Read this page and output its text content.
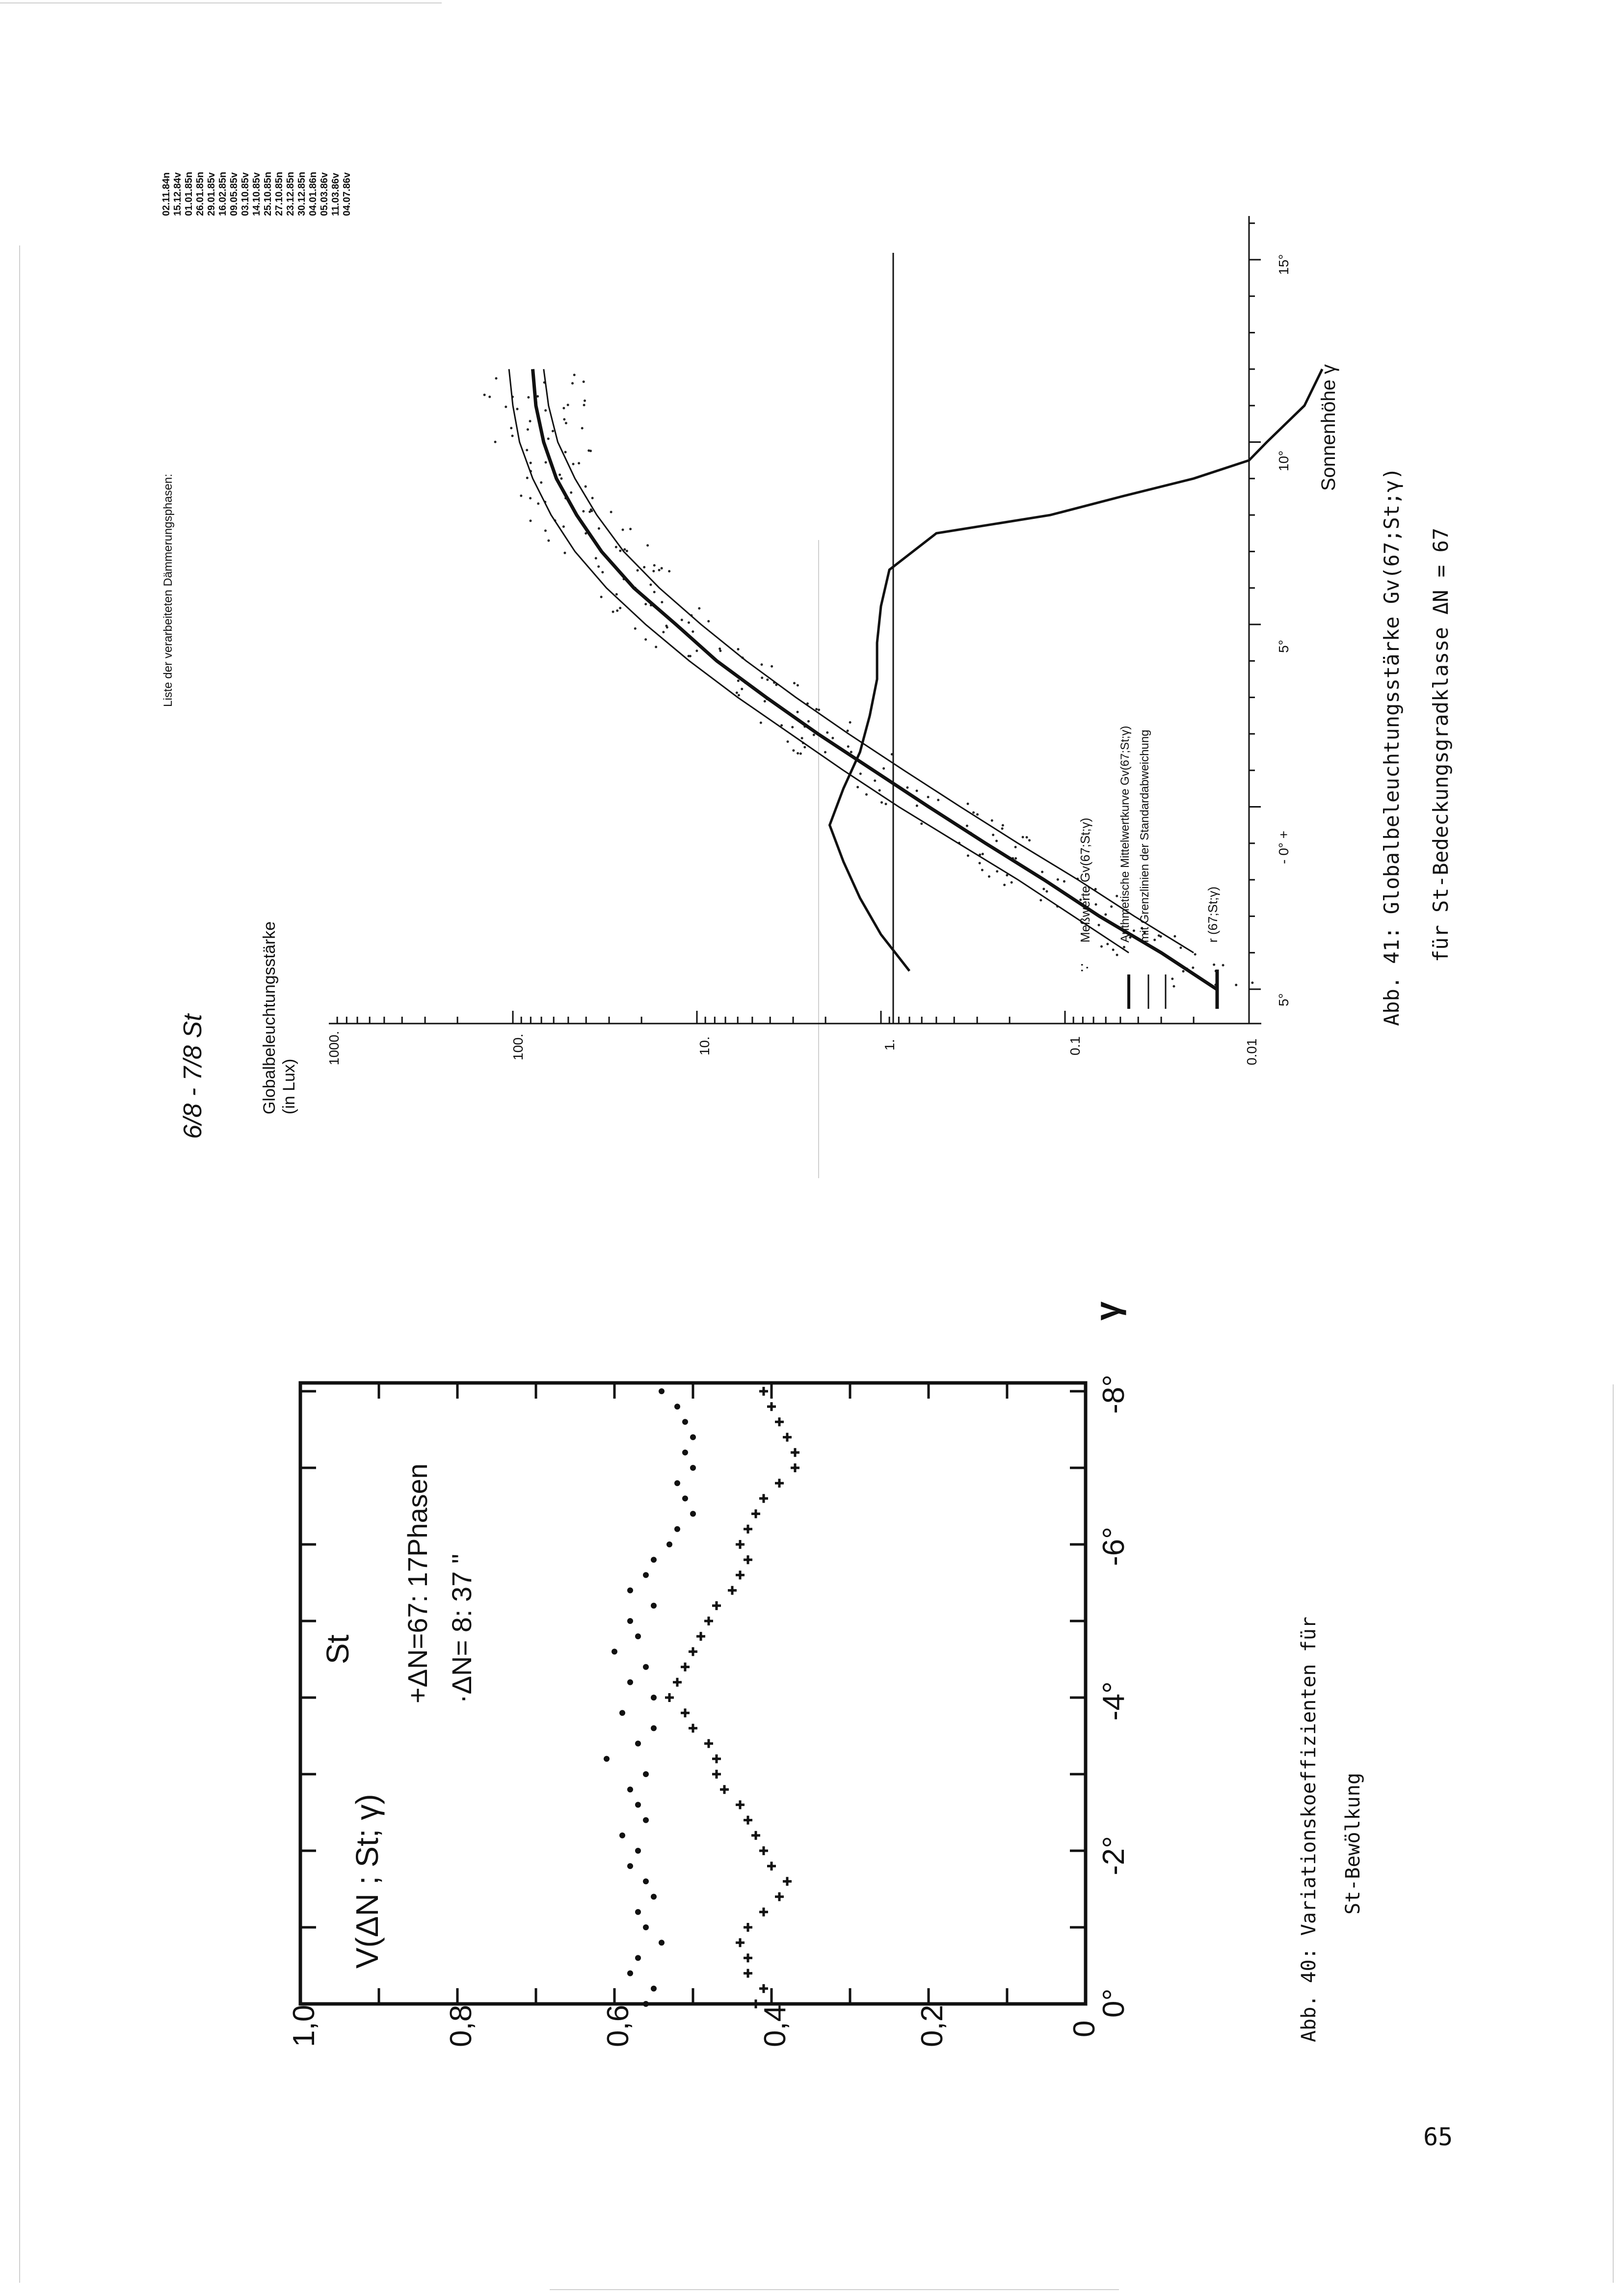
65
1,0	0,8	0,6	0,4	0,2	0
0°
-2°
-4°
-6°
-8°
γ
V(ΔN ; St; γ)
St +ΔN=67: 17Phasen ·ΔN= 8: 37 "	Abb. 40: Variationskoeffizienten für St-Bewölkung
6/8 - 7/8 St	Globalbeleuchtungsstärke (in Lux)
1000.	100.	10.	1.	0.1	0.01
5°
- 0° +
5°
10°
15°
Sonnenhöhe γ
∵
Meßwerte Gv(67;St;γ) Arithmetische Mittelwertkurve Gv(67;St;γ) mit Grenzlinien der Standardabweichung	r (67;St;γ)
Liste der verarbeiteten Dämmerungsphasen:
02.11.84n 15.12.84v 01.01.85n 26.01.85n 29.01.85v 16.02.85n 09.05.85v 03.10.85v 14.10.85v 25.10.85n 27.10.85n 23.12.85n 30.12.85n 04.01.86n 05.03.86v 11.03.86v 04.07.86v
Abb. 41: Globalbeleuchtungsstärke Gv(67;St;γ) für St-Bedeckungsgradklasse ΔN = 67
